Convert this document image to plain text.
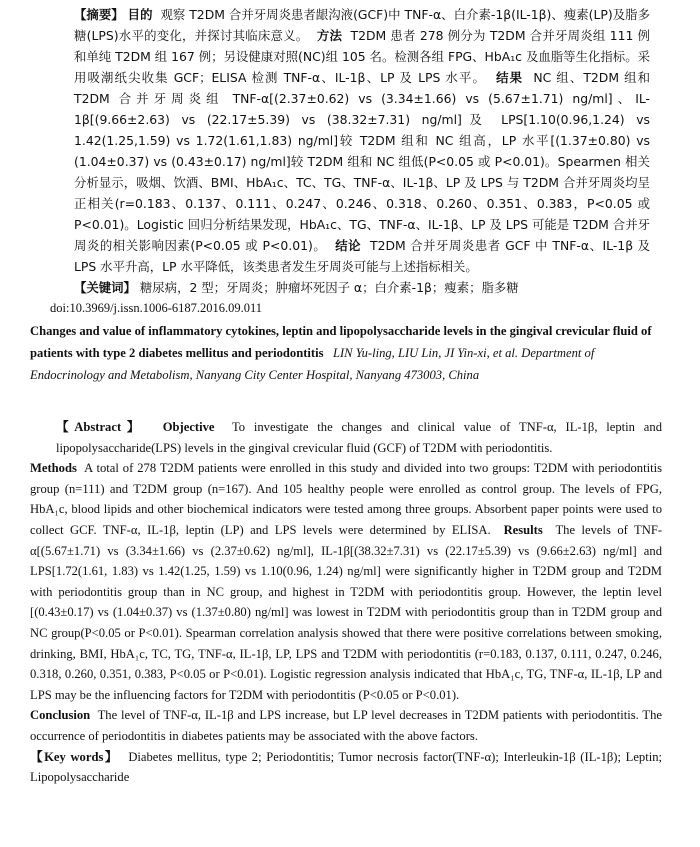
【摘要】 目的 观察 T2DM 合并牙周炎患者龈沟液(GCF)中 TNF-α、白介素-1β(IL-1β)、瘦素(LP)及脂多糖(LPS)水平的变化，并探讨其临床意义。 方法 T2DM 患者 278 例分为 T2DM 合并牙周炎组 111 例和单纯 T2DM 组 167 例；另设健康对照(NC)组 105 名。检测各组 FPG、HbA₁c 及血脂等生化指标。采用吸潮纸尖收集 GCF；ELISA 检测 TNF-α、IL-1β、LP 及 LPS 水平。 结果 NC 组、T2DM 组和 T2DM 合并牙周炎组 TNF-α[(2.37±0.62) vs (3.34±1.66) vs (5.67±1.71) ng/ml]、IL-1β[(9.66±2.63) vs (22.17±5.39) vs (38.32±7.31) ng/ml]及 LPS[1.10(0.96,1.24) vs 1.42(1.25,1.59) vs 1.72(1.61,1.83) ng/ml]较 T2DM 组和 NC 组高，LP 水平[(1.37±0.80) vs (1.04±0.37) vs (0.43±0.17) ng/ml]较 T2DM 组和 NC 组低(P<0.05 或 P<0.01)。Spearmen 相关分析显示，吸烟、饮酒、BMI、HbA₁c、TC、TG、TNF-α、IL-1β、LP 及 LPS 与 T2DM 合并牙周炎均呈正相关(r=0.183、0.137、0.111、0.247、0.246、0.318、0.260、0.351、0.383，P<0.05 或 P<0.01)。Logistic 回归分析结果发现，HbA₁c、TG、TNF-α、IL-1β、LP 及 LPS 可能是 T2DM 合并牙周炎的相关影响因素(P<0.05 或 P<0.01)。 结论 T2DM 合并牙周炎患者 GCF 中 TNF-α、IL-1β 及 LPS 水平升高，LP 水平降低，该类患者发生牙周炎可能与上述指标相关。

【关键词】 糖尿病，2 型；牙周炎；肿瘤坏死因子 α；白介素-1β；瘦素；脂多糖

doi:10.3969/j.issn.1006-6187.2016.09.011

Changes and value of inflammatory cytokines, leptin and lipopolysaccharide levels in the gingival crevicular fluid of patients with type 2 diabetes mellitus and periodontitis LIN Yu-ling, LIU Lin, JI Yin-xi, et al. Department of Endocrinology and Metabolism, Nanyang City Center Hospital, Nanyang 473003, China

【Abstract】 Objective To investigate the changes and clinical value of TNF-α, IL-1β, leptin and lipopolysaccharide(LPS) levels in the gingival crevicular fluid (GCF) of T2DM with periodontitis.

Methods A total of 278 T2DM patients were enrolled in this study and divided into two groups: T2DM with periodontitis group (n=111) and T2DM group (n=167). And 105 healthy people were enrolled as control group. The levels of FPG, HbA₁c, blood lipids and other biochemical indicators were tested among three groups. Absorbent paper points were used to collect GCF. TNF-α, IL-1β, leptin (LP) and LPS levels were determined by ELISA. Results The levels of TNF-α[(5.67±1.71) vs (3.34±1.66) vs (2.37±0.62) ng/ml], IL-1β[(38.32±7.31) vs (22.17±5.39) vs (9.66±2.63) ng/ml] and LPS[1.72(1.61, 1.83) vs 1.42(1.25, 1.59) vs 1.10(0.96, 1.24) ng/ml] were significantly higher in T2DM group and T2DM with periodontitis group than in NC group, and highest in T2DM with periodontitis group. However, the leptin level [(0.43±0.17) vs (1.04±0.37) vs (1.37±0.80) ng/ml] was lowest in T2DM with periodontitis group than in T2DM group and NC group(P<0.05 or P<0.01). Spearman correlation analysis showed that there were positive correlations between smoking, drinking, BMI, HbA₁c, TC, TG, TNF-α, IL-1β, LP, LPS and T2DM with periodontitis (r=0.183, 0.137, 0.111, 0.247, 0.246, 0.318, 0.260, 0.351, 0.383, P<0.05 or P<0.01). Logistic regression analysis indicated that HbA₁c, TG, TNF-α, IL-1β, LP and LPS may be the influencing factors for T2DM with periodontitis (P<0.05 or P<0.01).

Conclusion The level of TNF-α, IL-1β and LPS increase, but LP level decreases in T2DM patients with periodontitis. The occurrence of periodontitis in diabetes patients may be associated with the above factors.

【Key words】 Diabetes mellitus, type 2; Periodontitis; Tumor necrosis factor(TNF-α); Interleukin-1β (IL-1β); Leptin; Lipopolysaccharide
